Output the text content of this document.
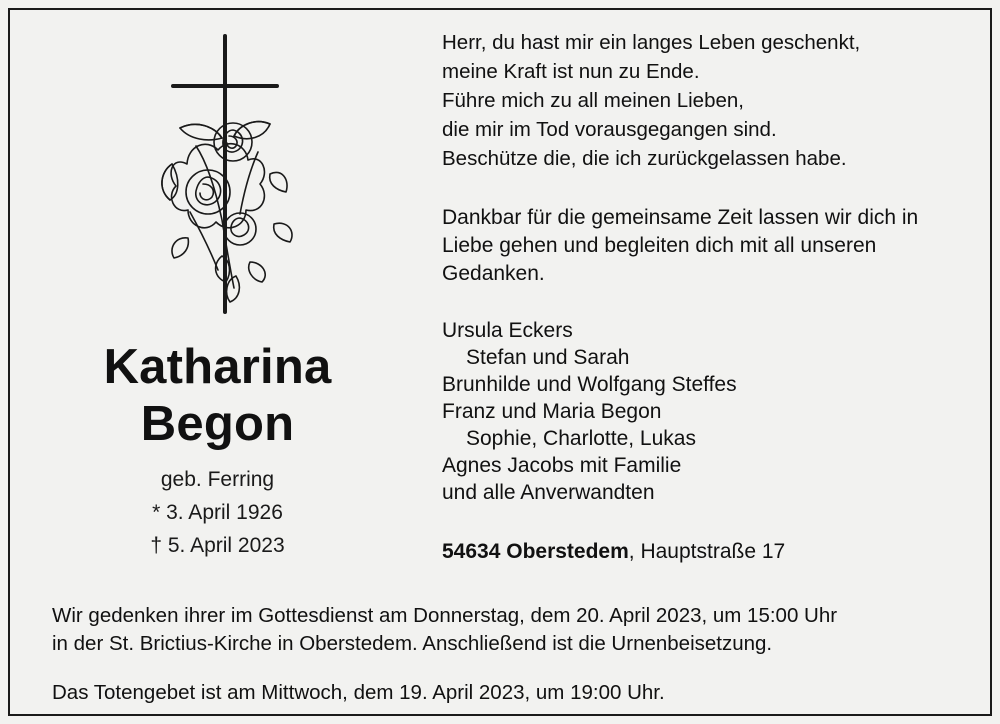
Katharina
Begon
geb. Ferring
* 3. April 1926
† 5. April 2023
Herr, du hast mir ein langes Leben geschenkt,
meine Kraft ist nun zu Ende.
Führe mich zu all meinen Lieben,
die mir im Tod vorausgegangen sind.
Beschütze die, die ich zurückgelassen habe.
Dankbar für die gemeinsame Zeit lassen wir dich in Liebe gehen und begleiten dich mit all unseren Gedanken.
Ursula Eckers
Stefan und Sarah
Brunhilde und Wolfgang Steffes
Franz und Maria Begon
Sophie, Charlotte, Lukas
Agnes Jacobs mit Familie
und alle Anverwandten
54634 Oberstedem, Hauptstraße 17
Wir gedenken ihrer im Gottesdienst am Donnerstag, dem 20. April 2023, um 15:00 Uhr
in der St. Brictius-Kirche in Oberstedem. Anschließend ist die Urnenbeisetzung.
Das Totengebet ist am Mittwoch, dem 19. April 2023, um 19:00 Uhr.
